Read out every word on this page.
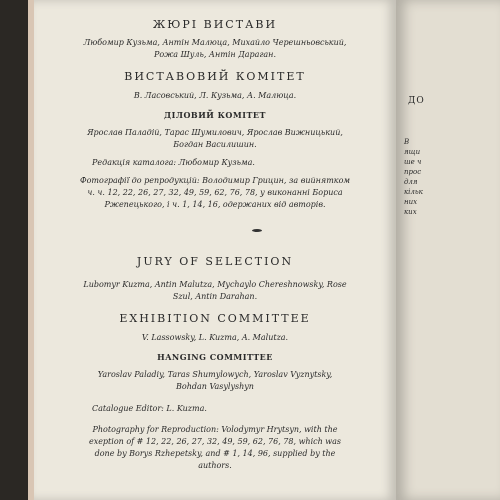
ДО
В
ящи
ше ч
прос
для
кільк
них
ких
ЖЮРІ ВИСТАВИ
Любомир Кузьма, Антін Малюца, Михайло Черешньовський,
Рожа Шуль, Антін Дараган.
ВИСТАВОВИЙ КОМІТЕТ
В. Ласовський, Л. Кузьма, А. Малюца.
ДІЛОВИЙ КОМІТЕТ
Ярослав Паладій, Тарас Шумилович, Ярослав Вижницький,
Богдан Василишин.
Редакція каталога: Любомир Кузьма.
Фотографії до репродукцій: Володимир Грицин, за вийнятком
ч. ч. 12, 22, 26, 27, 32, 49, 59, 62, 76, 78, у виконанні Бориса
Ржепецького, і ч. 1, 14, 16, одержаних від авторів.
JURY OF SELECTION
Lubomyr Kuzma, Antin Malutza, Mychaylo Chereshnowsky, Rose
Szul, Antin Darahan.
EXHIBITION COMMITTEE
V. Lassowsky, L. Kuzma, A. Malutza.
HANGING COMMITTEE
Yaroslav Paladiy, Taras Shumylowych, Yaroslav Vyznytsky,
Bohdan Vasylyshyn
Catalogue Editor: L. Kuzma.
Photography for Reproduction: Volodymyr Hrytsyn, with the
exeption of # 12, 22, 26, 27, 32, 49, 59, 62, 76, 78, which was
done by Borys Rzhepetsky, and # 1, 14, 96, supplied by the
authors.
